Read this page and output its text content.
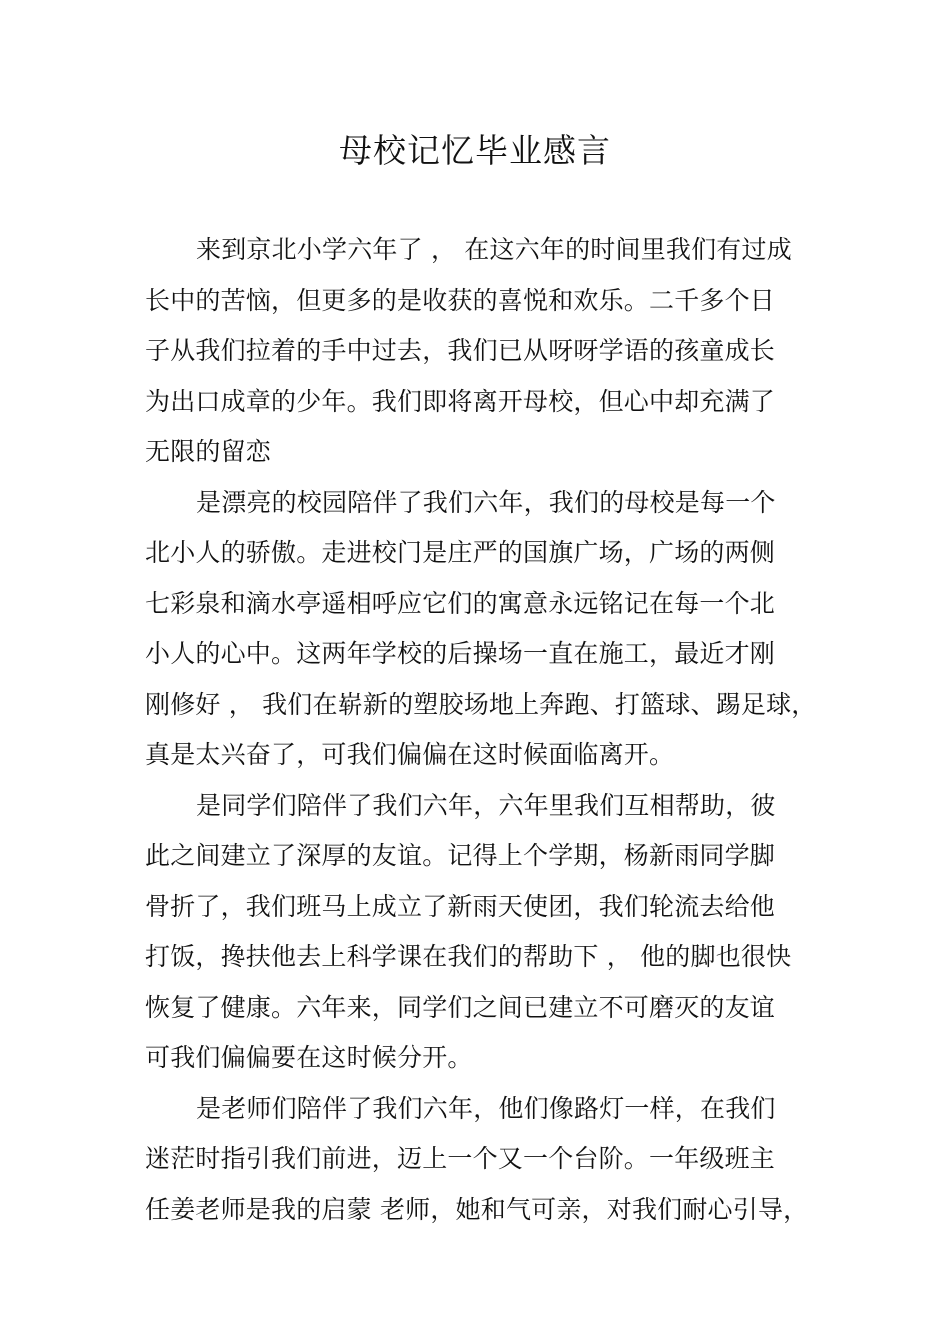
母校记忆毕业感言
来到京北小学六年了 ， 在这六年的时间里我们有过成
长中的苦恼，但更多的是收获的喜悦和欢乐。二千多个日
子从我们拉着的手中过去，我们已从呀呀学语的孩童成长
为出口成章的少年。我们即将离开母校，但心中却充满了
无限的留恋
是漂亮的校园陪伴了我们六年，我们的母校是每一个
北小人的骄傲。走进校门是庄严的国旗广场，广场的两侧
七彩泉和滴水亭遥相呼应它们的寓意永远铭记在每一个北
小人的心中。这两年学校的后操场一直在施工，最近才刚
刚修好 ， 我们在崭新的塑胶场地上奔跑、打篮球、踢足球，
真是太兴奋了，可我们偏偏在这时候面临离开。
是同学们陪伴了我们六年，六年里我们互相帮助，彼
此之间建立了深厚的友谊。记得上个学期，杨新雨同学脚
骨折了，我们班马上成立了新雨天使团，我们轮流去给他
打饭，搀扶他去上科学课在我们的帮助下 ， 他的脚也很快
恢复了健康。六年来，同学们之间已建立不可磨灭的友谊
可我们偏偏要在这时候分开。
是老师们陪伴了我们六年，他们像路灯一样，在我们
迷茫时指引我们前进，迈上一个又一个台阶。一年级班主
任姜老师是我的启蒙 老师，她和气可亲，对我们耐心引导，
